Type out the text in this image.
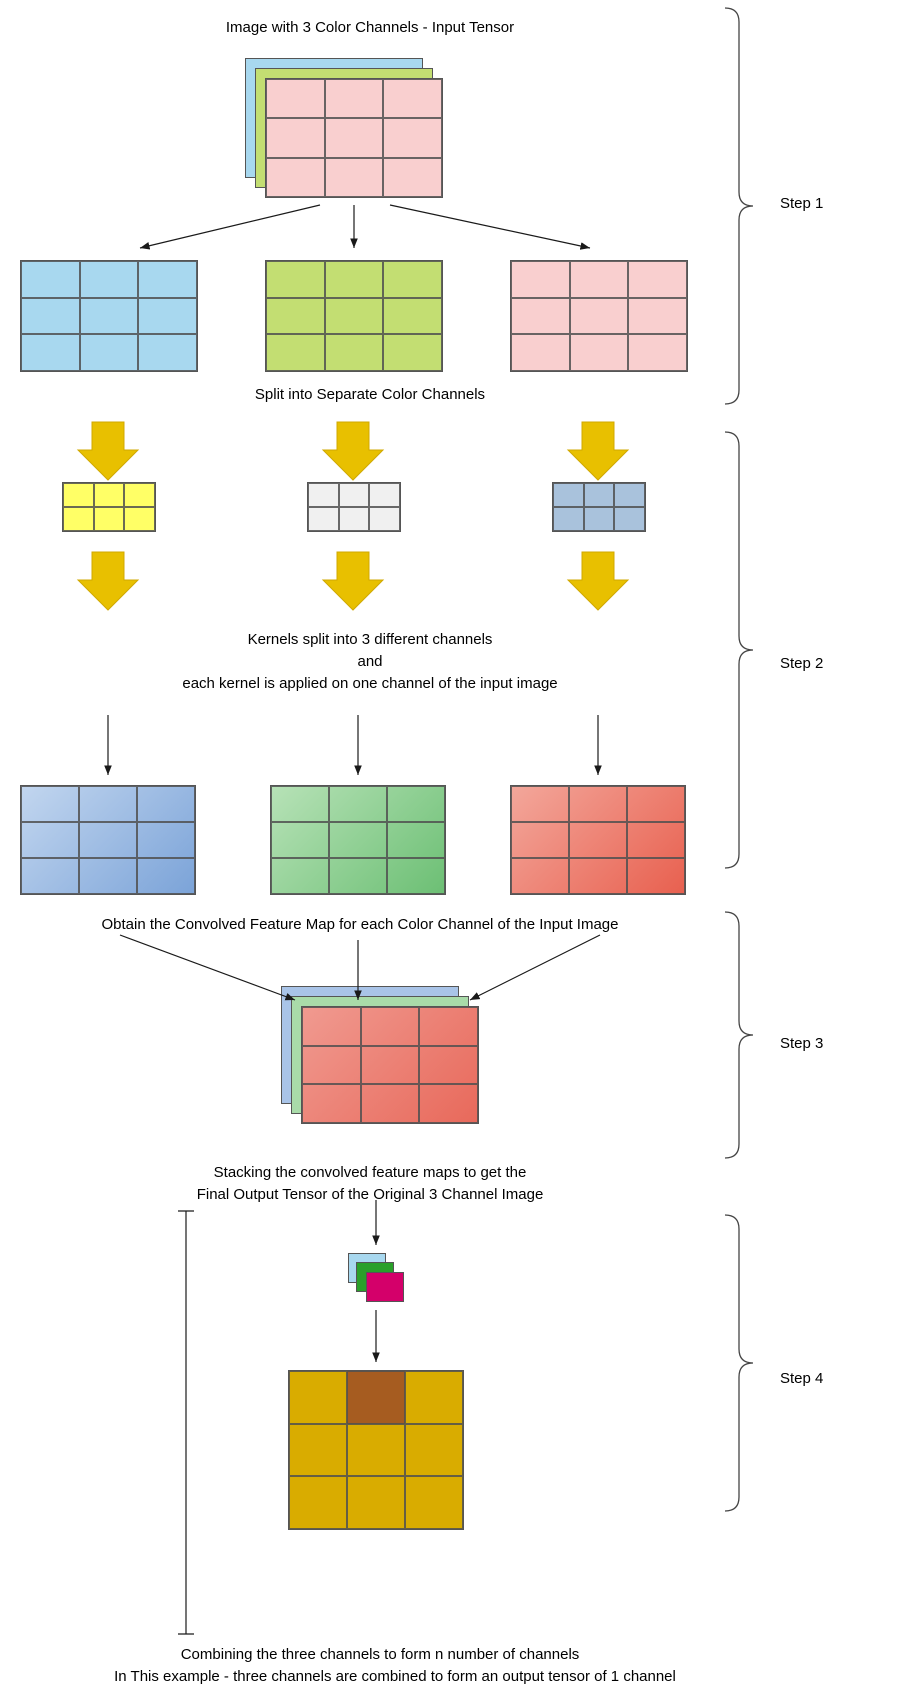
Image with 3 Color Channels - Input Tensor
Split into Separate Color Channels
Kernels split into 3 different channels
and
each kernel is applied on one channel of the input image
Obtain the Convolved Feature Map for each Color Channel of the Input Image
Stacking the convolved feature maps to get the
Final Output Tensor of the Original 3 Channel Image
Combining the three channels to form n number of channels
In This example - three channels are combined to form an output tensor of 1 channel
Step 1
Step 2
Step 3
Step 4
